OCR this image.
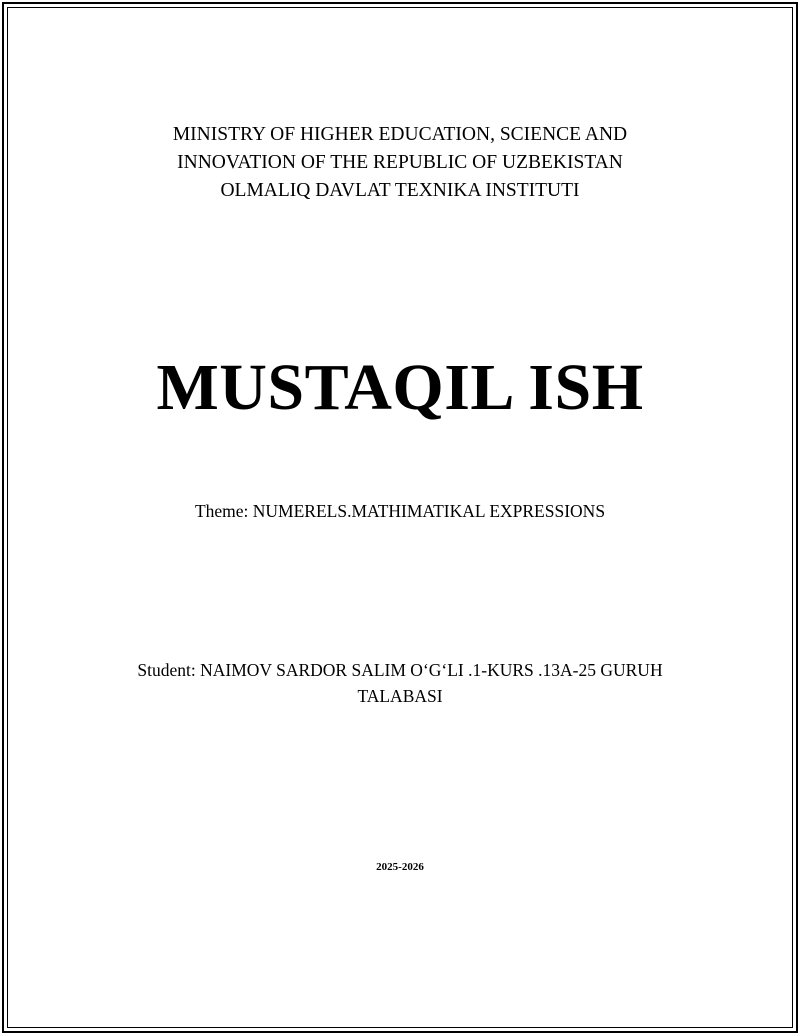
MINISTRY OF HIGHER EDUCATION, SCIENCE AND
INNOVATION OF THE REPUBLIC OF UZBEKISTAN
OLMALIQ DAVLAT TEXNIKA INSTITUTI
MUSTAQIL ISH
Theme: NUMERELS.MATHIMATIKAL EXPRESSIONS
Student: NAIMOV SARDOR SALIM O‘G‘LI .1-KURS .13A-25 GURUH
TALABASI
2025-2026
